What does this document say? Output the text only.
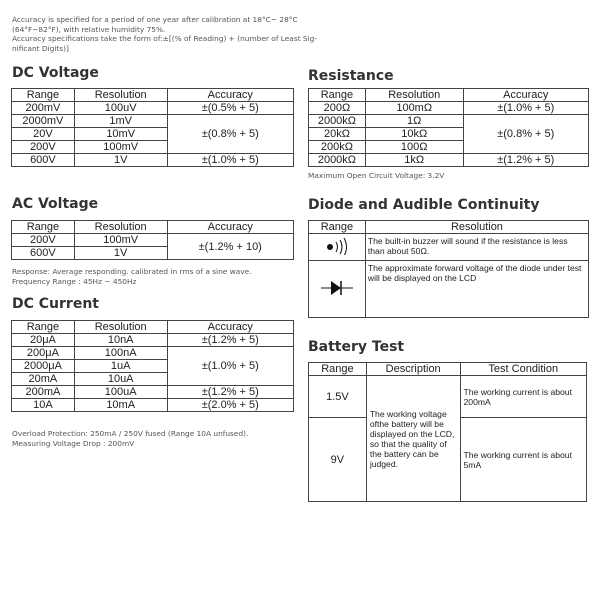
Accuracy is specified for a period of one year after calibration at 18°C~ 28°C
(64°F~82°F), with relative humidity 75%.
Accuracy specifications take the form of:±[(% of Reading) + (number of Least Sig-
nificant Digits)]
DC Voltage
Range	Resolution	Accuracy
200mV	100uV	±(0.5% + 5)
2000mV	1mV	±(0.8% + 5)
20V	10mV	
200V	100mV	
600V	1V	±(1.0% + 5)
Resistance
Range	Resolution	Accuracy
200Ω	100mΩ	±(1.0% + 5)
2000kΩ	1Ω	±(0.8% + 5)
20kΩ	10kΩ	
200kΩ	100Ω	
2000kΩ	1kΩ	±(1.2% + 5)
Maximum Open Circuit Voltage: 3.2V
AC Voltage
Range	Resolution	Accuracy
200V	100mV	±(1.2% + 10)
600V	1V	
Response: Average responding. calibrated in rms of a sine wave.
Frequency Range : 45Hz ~ 450Hz
Diode and Audible Continuity
Range	Resolution
	The built-in buzzer will sound if the resistance is less than about 50Ω.
	The approximate forward voltage of the diode under test will be displayed on the LCD
DC Current
Range	Resolution	Accuracy
20μA	10nA	±(1.2% + 5)
200μA	100nA	±(1.0% + 5)
2000μA	1uA	
20mA	10uA	
200mA	100uA	±(1.2% + 5)
10A	10mA	±(2.0% + 5)
Overload Protection: 250mA / 250V fused (Range 10A unfused).
Measuring Voltage Drop : 200mV
Battery Test
Range	Description	Test Condition
1.5V	The working voltage ofthe battery will be displayed on the LCD, so that the quality of the battery can be judged.	The working current is about 200mA
9V		The working current is about 5mA
